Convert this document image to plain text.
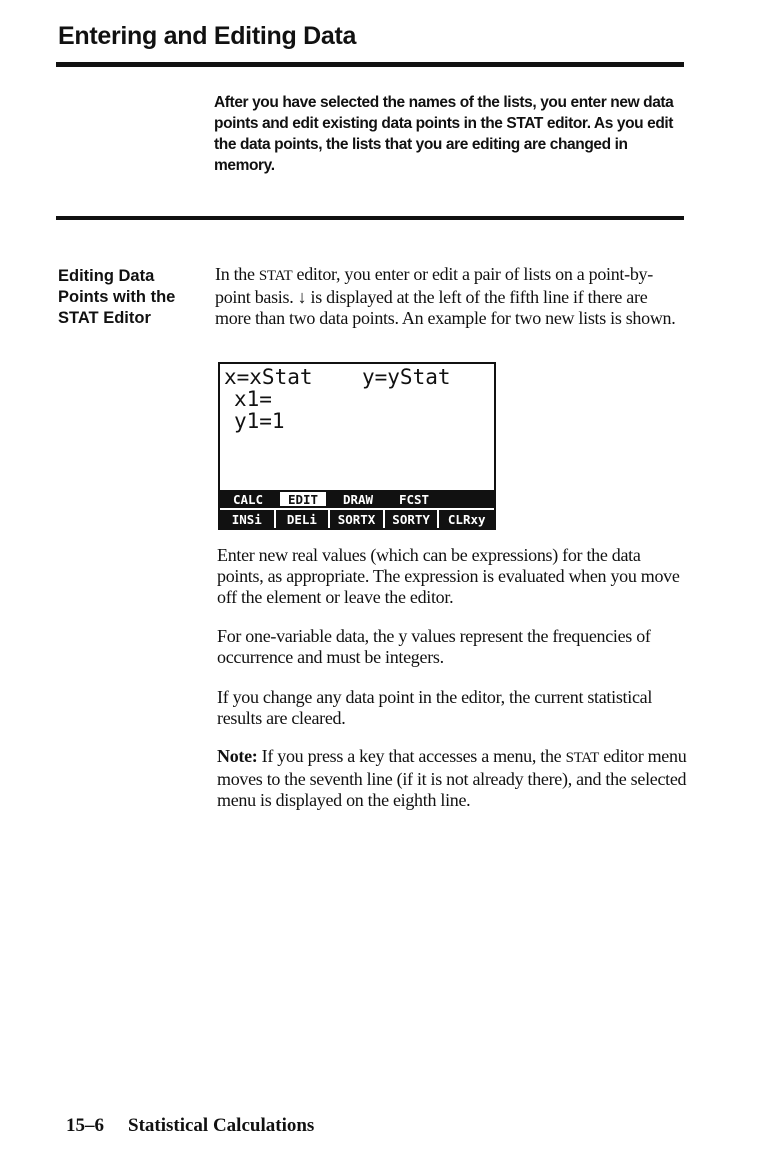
Entering and Editing Data
After you have selected the names of the lists, you enter new data points and edit existing data points in the STAT editor. As you edit the data points, the lists that you are editing are changed in memory.
Editing Data Points with the STAT Editor
In the STAT editor, you enter or edit a pair of lists on a point-by-point basis. ↓ is displayed at the left of the fifth line if there are more than two data points. An example for two new lists is shown.
x=xStat y=yStat
x1=
y1=1
CALC	EDIT	DRAW	FCST
INSi	DELi	SORTX	SORTY	CLRxy
Enter new real values (which can be expressions) for the data points, as appropriate. The expression is evaluated when you move off the element or leave the editor.
For one-variable data, the y values represent the frequencies of occurrence and must be integers.
If you change any data point in the editor, the current statistical results are cleared.
Note: If you press a key that accesses a menu, the STAT editor menu moves to the seventh line (if it is not already there), and the selected menu is displayed on the eighth line.
15–6 Statistical Calculations
